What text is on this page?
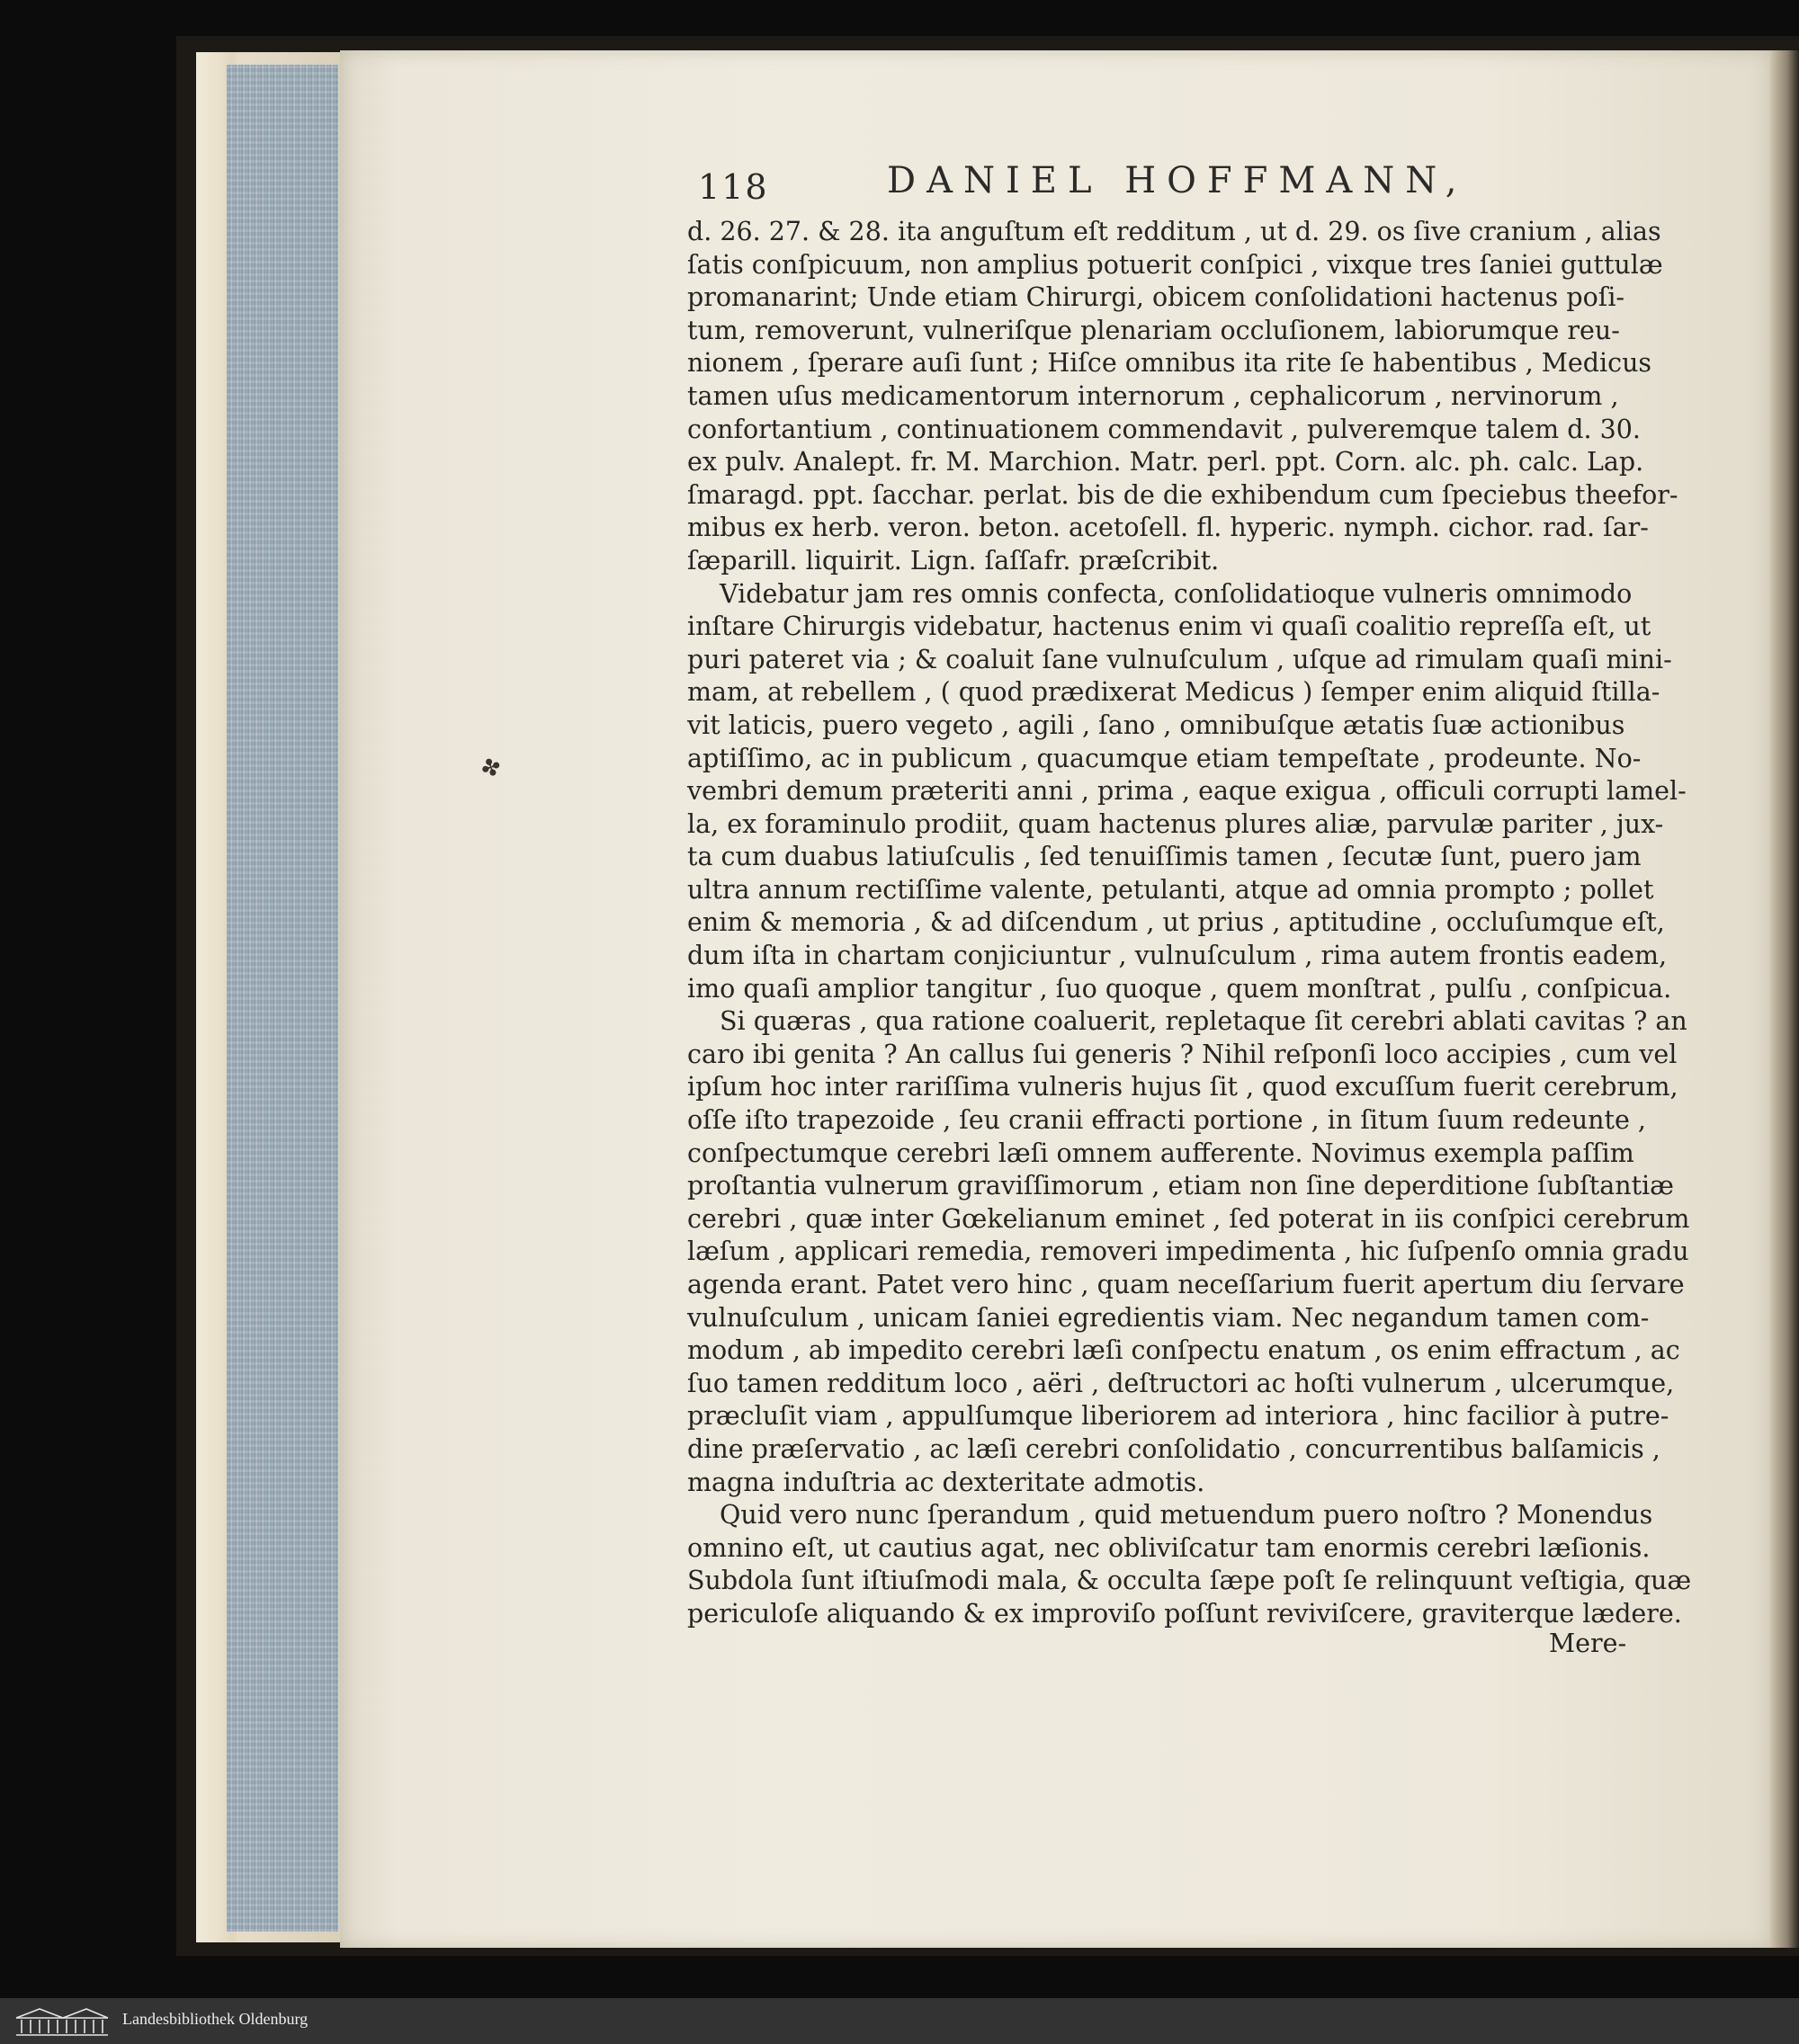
118	DANIEL HOFFMANN,
d. 26. 27. & 28. ita anguſtum eſt redditum , ut d. 29. os ſive cranium , alias
ſatis conſpicuum, non amplius potuerit conſpici , vixque tres ſaniei guttulæ
promanarint; Unde etiam Chirurgi, obicem conſolidationi hactenus poſi-
tum, removerunt, vulneriſque plenariam occluſionem, labiorumque reu-
nionem , ſperare auſi ſunt ; Hiſce omnibus ita rite ſe habentibus , Medicus
tamen uſus medicamentorum internorum , cephalicorum , nervinorum ,
confortantium , continuationem commendavit , pulveremque talem d. 30.
ex pulv. Analept. fr. M. Marchion. Matr. perl. ppt. Corn. alc. ph. calc. Lap.
ſmaragd. ppt. ſacchar. perlat. bis de die exhibendum cum ſpeciebus theefor-
mibus ex herb. veron. beton. acetoſell. fl. hyperic. nymph. cichor. rad. ſar-
ſæparill. liquirit. Lign. ſaſſafr. præſcribit.
Videbatur jam res omnis confecta, conſolidatioque vulneris omnimodo
inſtare Chirurgis videbatur, hactenus enim vi quaſi coalitio repreſſa eſt, ut
puri pateret via ; & coaluit ſane vulnuſculum , uſque ad rimulam quaſi mini-
mam, at rebellem , ( quod prædixerat Medicus ) ſemper enim aliquid ſtilla-
vit laticis, puero vegeto , agili , ſano , omnibuſque ætatis ſuæ actionibus
aptiſſimo, ac in publicum , quacumque etiam tempeſtate , prodeunte. No-
vembri demum præteriti anni , prima , eaque exigua , officuli corrupti lamel-
la, ex foraminulo prodiit, quam hactenus plures aliæ, parvulæ pariter , jux-
ta cum duabus latiuſculis , ſed tenuiſſimis tamen , ſecutæ ſunt, puero jam
ultra annum rectiſſime valente, petulanti, atque ad omnia prompto ; pollet
enim & memoria , & ad diſcendum , ut prius , aptitudine , occluſumque eſt,
dum iſta in chartam conjiciuntur , vulnuſculum , rima autem frontis eadem,
imo quaſi amplior tangitur , ſuo quoque , quem monſtrat , pulſu , conſpicua.
Si quæras , qua ratione coaluerit, repletaque ſit cerebri ablati cavitas ? an
caro ibi genita ? An callus ſui generis ? Nihil reſponſi loco accipies , cum vel
ipſum hoc inter rariſſima vulneris hujus ſit , quod excuſſum fuerit cerebrum,
oſſe iſto trapezoide , ſeu cranii effracti portione , in ſitum ſuum redeunte ,
conſpectumque cerebri læſi omnem aufferente. Novimus exempla paſſim
proſtantia vulnerum graviſſimorum , etiam non ſine deperditione ſubſtantiæ
cerebri , quæ inter Gœkelianum eminet , ſed poterat in iis conſpici cerebrum
læſum , applicari remedia, removeri impedimenta , hic ſuſpenſo omnia gradu
agenda erant. Patet vero hinc , quam neceſſarium fuerit apertum diu ſervare
vulnuſculum , unicam ſaniei egredientis viam. Nec negandum tamen com-
modum , ab impedito cerebri læſi conſpectu enatum , os enim effractum , ac
ſuo tamen redditum loco , aëri , deſtructori ac hoſti vulnerum , ulcerumque,
præcluſit viam , appulſumque liberiorem ad interiora , hinc facilior à putre-
dine præſervatio , ac læſi cerebri conſolidatio , concurrentibus balſamicis ,
magna induſtria ac dexteritate admotis.
Quid vero nunc ſperandum , quid metuendum puero noſtro ? Monendus
omnino eſt, ut cautius agat, nec obliviſcatur tam enormis cerebri læſionis.
Subdola ſunt iſtiuſmodi mala, & occulta ſæpe poſt ſe relinquunt veſtigia, quæ
periculoſe aliquando & ex improviſo poſſunt reviviſcere, graviterque lædere.
✤
Mere-
Landesbibliothek Oldenburg
